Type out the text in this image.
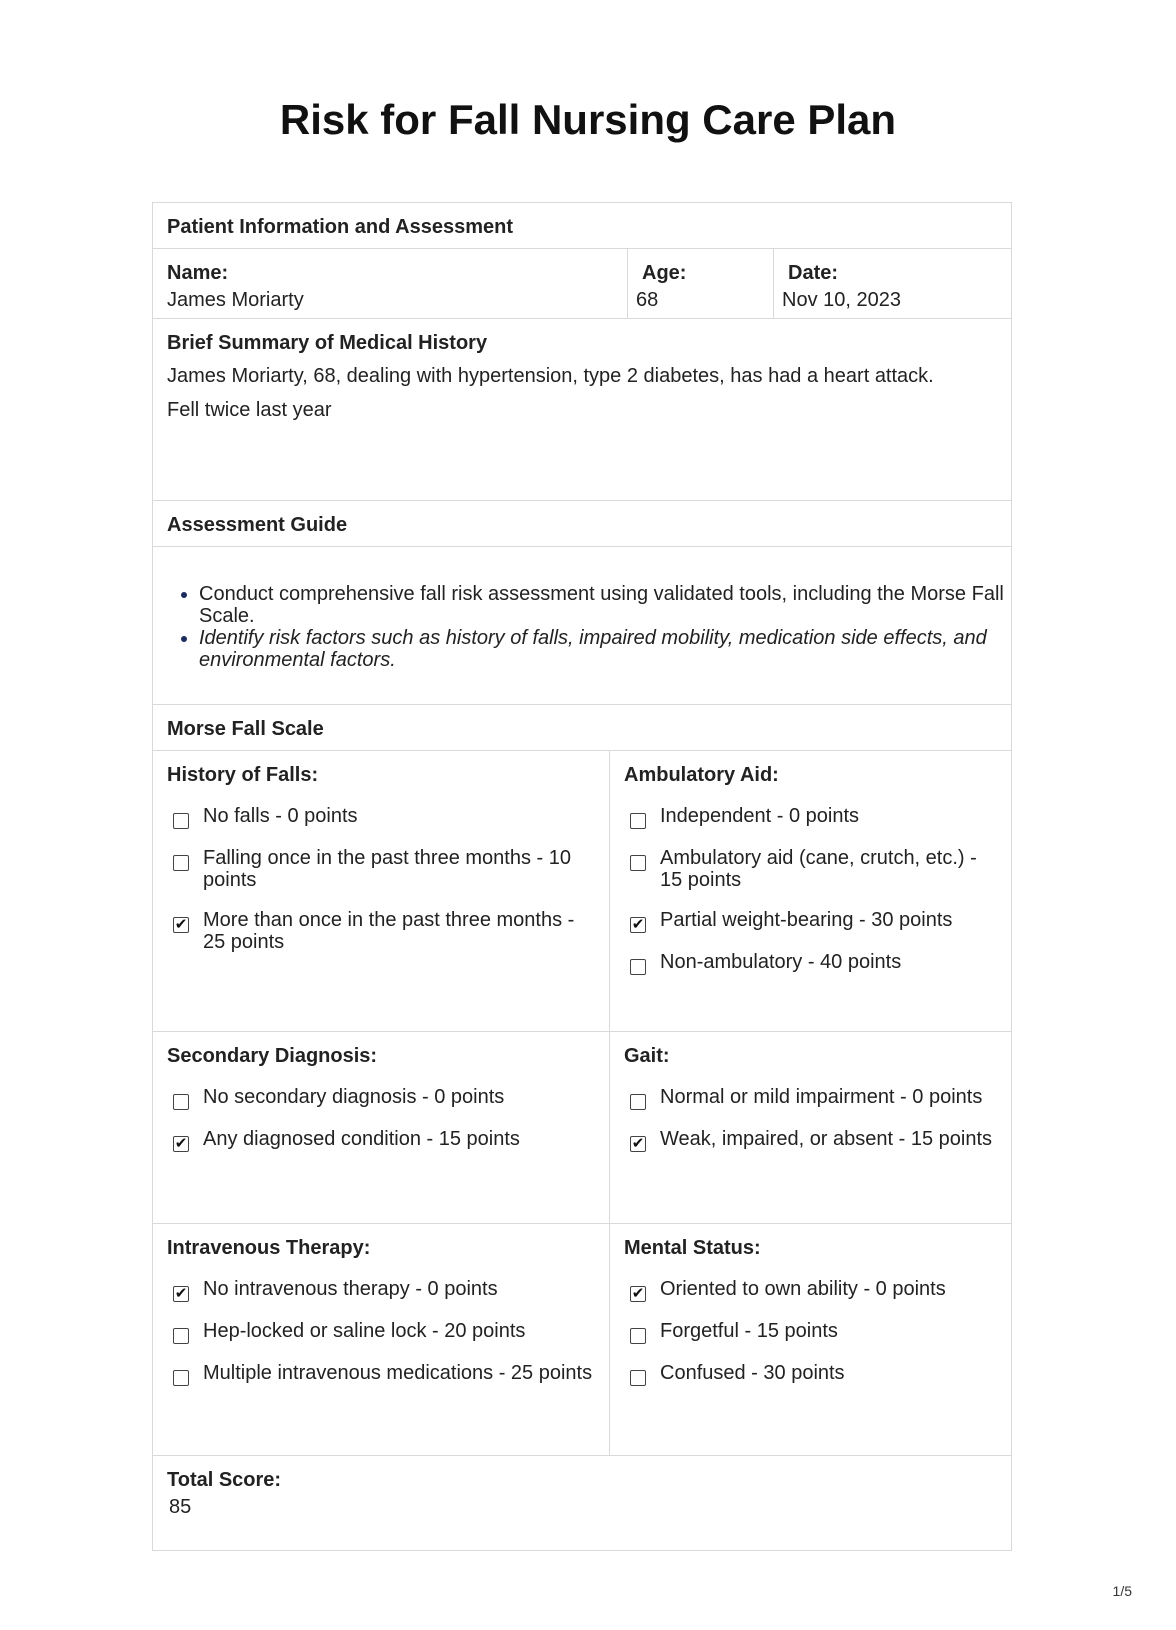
Risk for Fall Nursing Care Plan
Patient Information and Assessment
Name:
James Moriarty
Age:
68
Date:
Nov 10, 2023
Brief Summary of Medical History
James Moriarty, 68, dealing with hypertension, type 2 diabetes, has had a heart attack.
Fell twice last year
Assessment Guide
• Conduct comprehensive fall risk assessment using validated tools, including the Morse Fall Scale.
• Identify risk factors such as history of falls, impaired mobility, medication side effects, and environmental factors.
Morse Fall Scale
History of Falls:
No falls - 0 points
Falling once in the past three months - 10 points
✔ More than once in the past three months - 25 points
Ambulatory Aid:
Independent - 0 points
Ambulatory aid (cane, crutch, etc.) - 15 points
✔ Partial weight-bearing - 30 points
Non-ambulatory - 40 points
Secondary Diagnosis:
No secondary diagnosis - 0 points
✔ Any diagnosed condition - 15 points
Gait:
Normal or mild impairment - 0 points
✔ Weak, impaired, or absent - 15 points
Intravenous Therapy:
✔ No intravenous therapy - 0 points
Hep-locked or saline lock - 20 points
Multiple intravenous medications - 25 points
Mental Status:
✔ Oriented to own ability - 0 points
Forgetful - 15 points
Confused - 30 points
Total Score:
85
1/5
